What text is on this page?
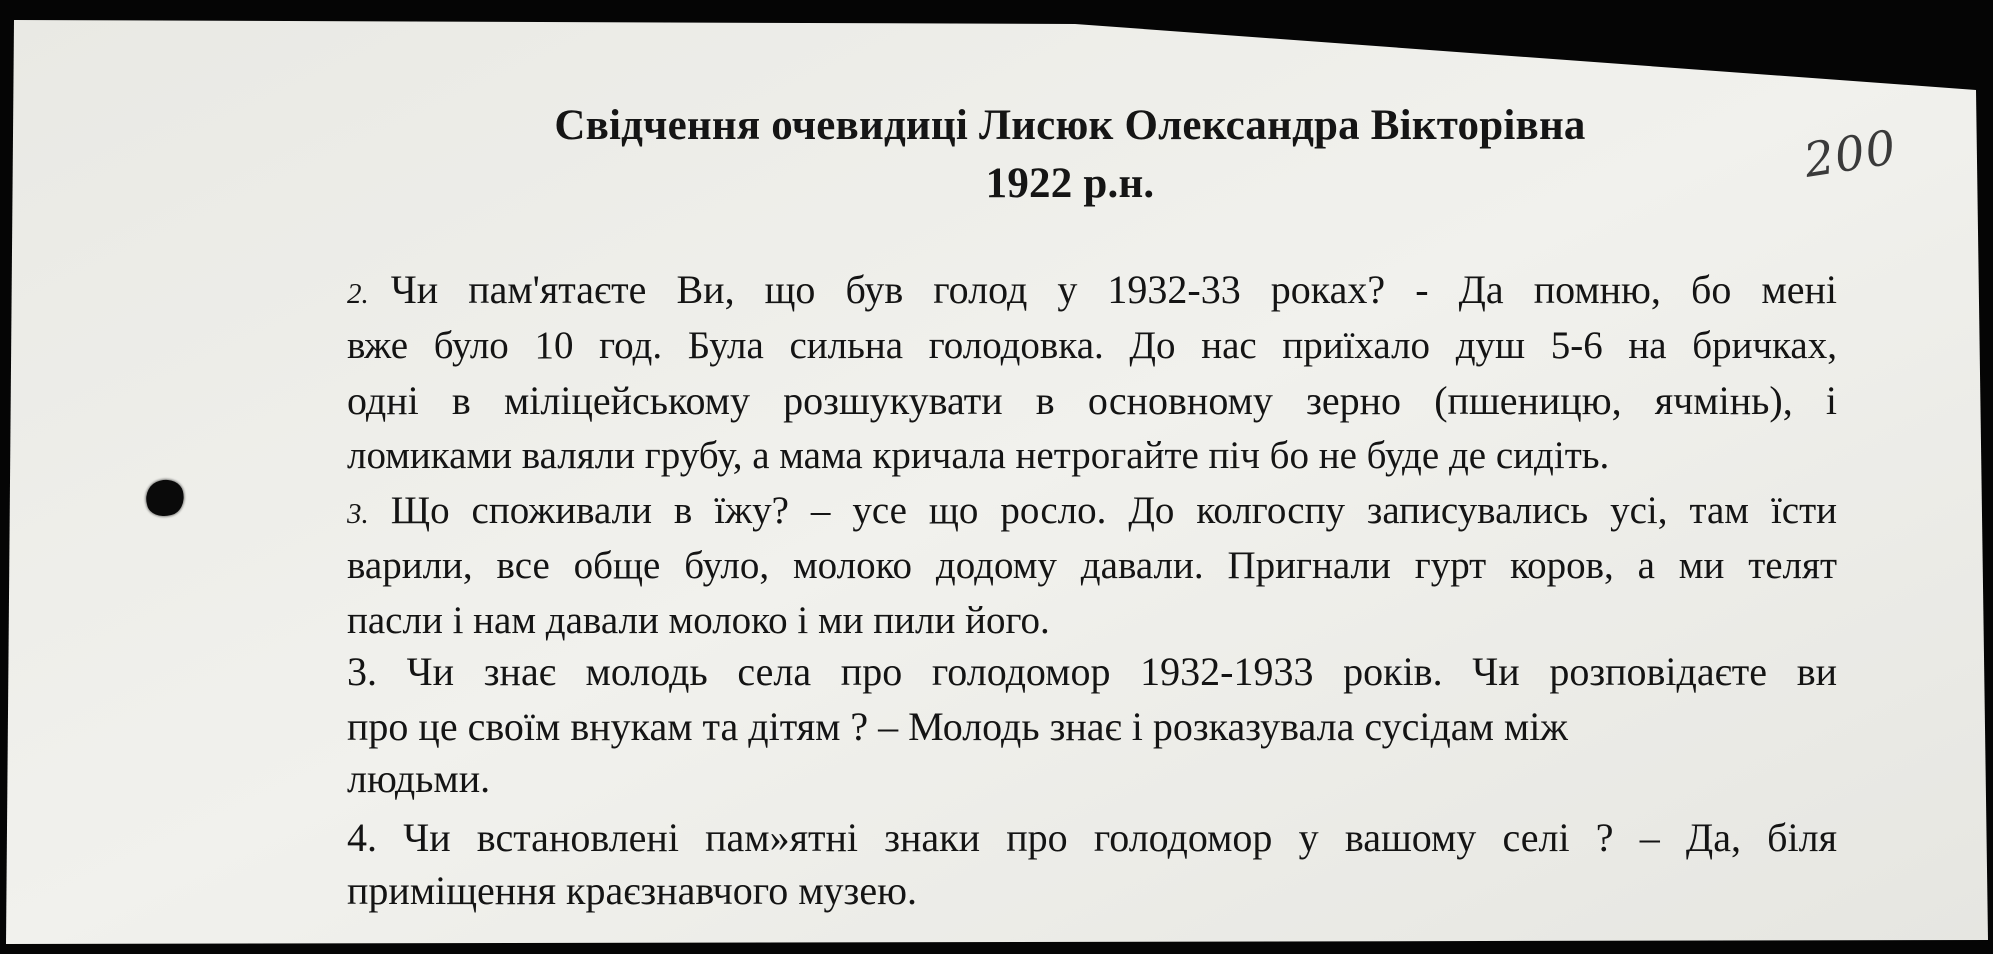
Свідчення очевидиці Лисюк Олександра Вікторівна
1922 р.н.	200
2. Чи пам'ятаєте Ви, що був голод у 1932-33 роках? - Да помню, бо мені
вже було 10 год. Була сильна голодовка. До нас приїхало душ 5-6 на бричках,
одні в міліцейському розшукувати в основному зерно (пшеницю, ячмінь), і
ломиками валяли грубу, а мама кричала нетрогайте піч бо не буде де сидіть.
3. Що споживали в їжу? – усе що росло. До колгоспу записувались усі, там їсти
варили, все обще було, молоко додому давали. Пригнали гурт коров, а ми телят
пасли і нам давали молоко і ми пили його.
3. Чи знає молодь села про голодомор 1932-1933 років. Чи розповідаєте ви
про це своїм внукам та дітям ? – Молодь знає і розказувала сусідам між
людьми.
4. Чи встановлені пам»ятні знаки про голодомор у вашому селі ? – Да, біля
приміщення краєзнавчого музею.
